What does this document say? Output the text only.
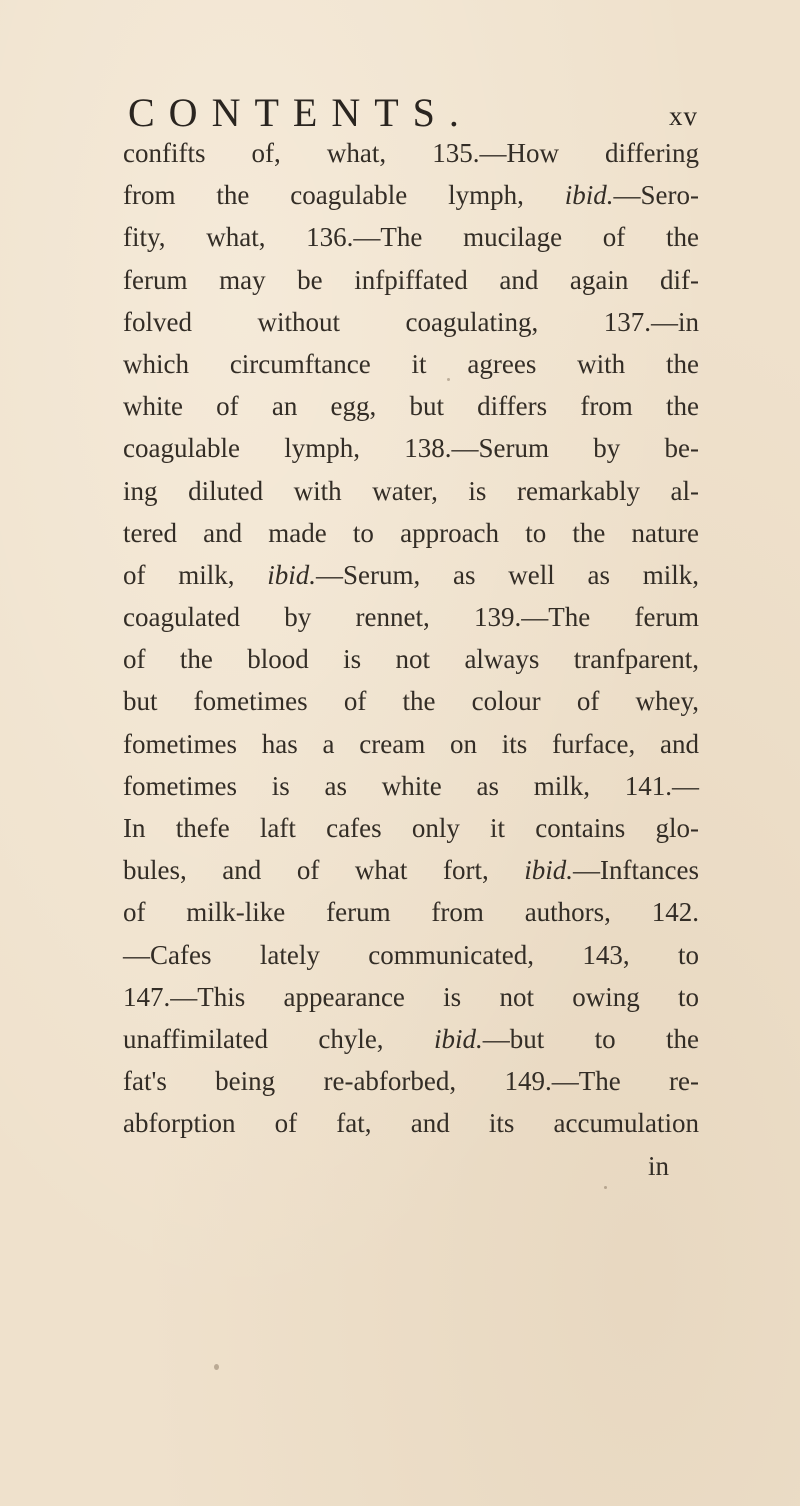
CONTENTS.	xv
confifts of, what, 135.—How differing
from the coagulable lymph, ibid.—Sero-
fity, what, 136.—The mucilage of the
ferum may be infpiffated and again dif-
folved without coagulating, 137.—in
which circumftance it agrees with the
white of an egg, but differs from the
coagulable lymph, 138.—Serum by be-
ing diluted with water, is remarkably al-
tered and made to approach to the nature
of milk, ibid.—Serum, as well as milk,
coagulated by rennet, 139.—The ferum
of the blood is not always tranfparent,
but fometimes of the colour of whey,
fometimes has a cream on its furface, and
fometimes is as white as milk, 141.—
In thefe laft cafes only it contains glo-
bules, and of what fort, ibid.—Inftances
of milk-like ferum from authors, 142.
—Cafes lately communicated, 143, to
147.—This appearance is not owing to
unaffimilated chyle, ibid.—but to the
fat's being re-abforbed, 149.—The re-
abforption of fat, and its accumulation
in
